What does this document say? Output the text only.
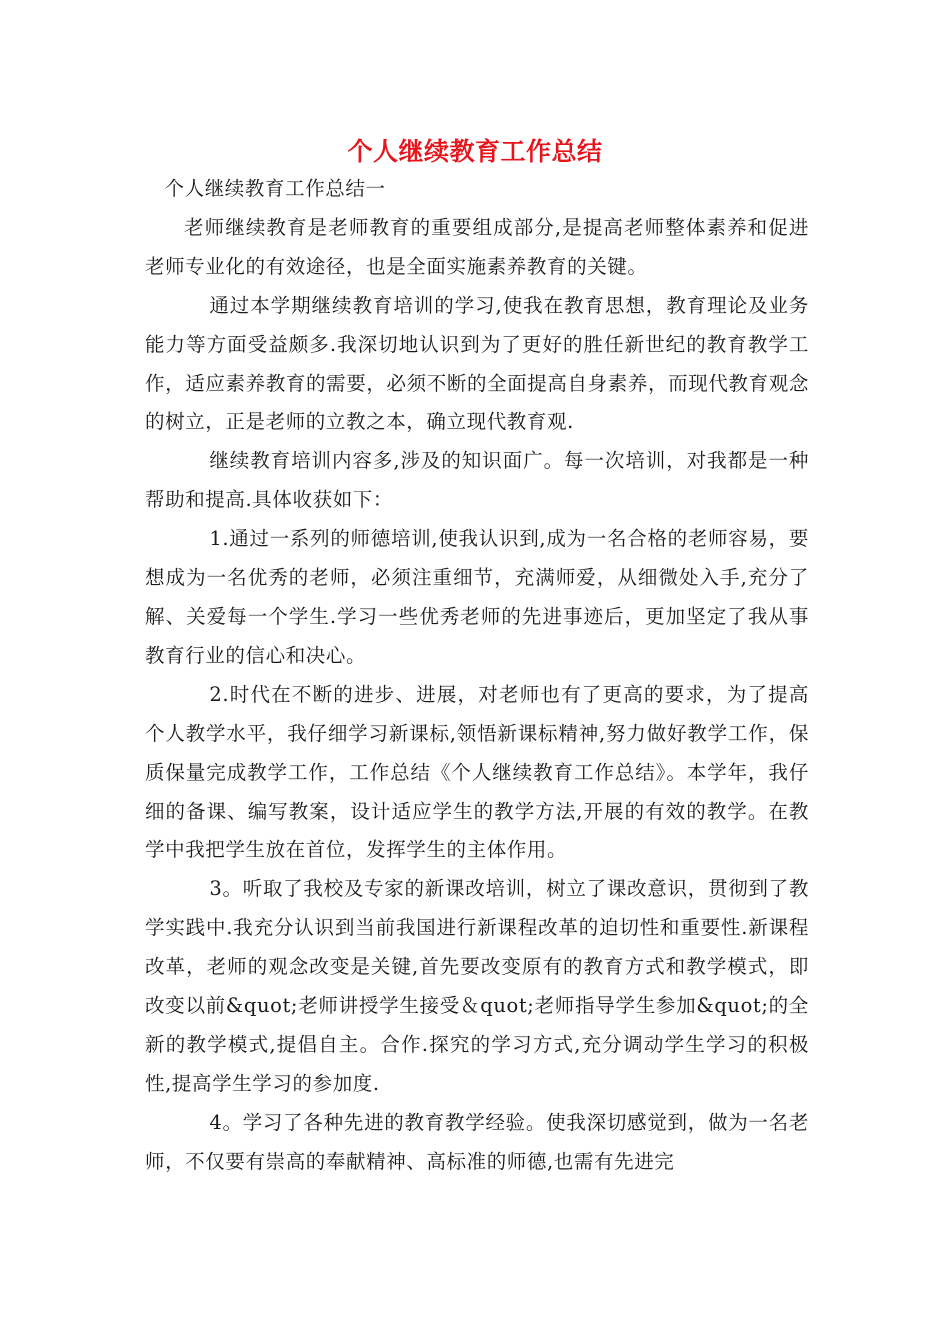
个人继续教育工作总结

个人继续教育工作总结一

老师继续教育是老师教育的重要组成部分,是提高老师整体素养和促进老师专业化的有效途径，也是全面实施素养教育的关键。

通过本学期继续教育培训的学习,使我在教育思想，教育理论及业务能力等方面受益颇多.我深切地认识到为了更好的胜任新世纪的教育教学工作，适应素养教育的需要，必须不断的全面提高自身素养，而现代教育观念的树立，正是老师的立教之本，确立现代教育观.

继续教育培训内容多,涉及的知识面广。每一次培训，对我都是一种帮助和提高.具体收获如下：

1.通过一系列的师德培训,使我认识到,成为一名合格的老师容易，要想成为一名优秀的老师，必须注重细节，充满师爱，从细微处入手,充分了解、关爱每一个学生.学习一些优秀老师的先进事迹后，更加坚定了我从事教育行业的信心和决心。

2.时代在不断的进步、进展，对老师也有了更高的要求，为了提高个人教学水平，我仔细学习新课标,领悟新课标精神,努力做好教学工作，保质保量完成教学工作，工作总结《个人继续教育工作总结》。本学年，我仔细的备课、编写教案，设计适应学生的教学方法,开展的有效的教学。在教学中我把学生放在首位，发挥学生的主体作用。

3。听取了我校及专家的新课改培训，树立了课改意识，贯彻到了教学实践中.我充分认识到当前我国进行新课程改革的迫切性和重要性.新课程改革，老师的观念改变是关键,首先要改变原有的教育方式和教学模式，即改变以前&quot;老师讲授学生接受＆quot;老师指导学生参加&quot;的全新的教学模式,提倡自主。合作.探究的学习方式,充分调动学生学习的积极性,提高学生学习的参加度.

4。学习了各种先进的教育教学经验。使我深切感觉到，做为一名老师，不仅要有崇高的奉献精神、高标准的师德,也需有先进完
